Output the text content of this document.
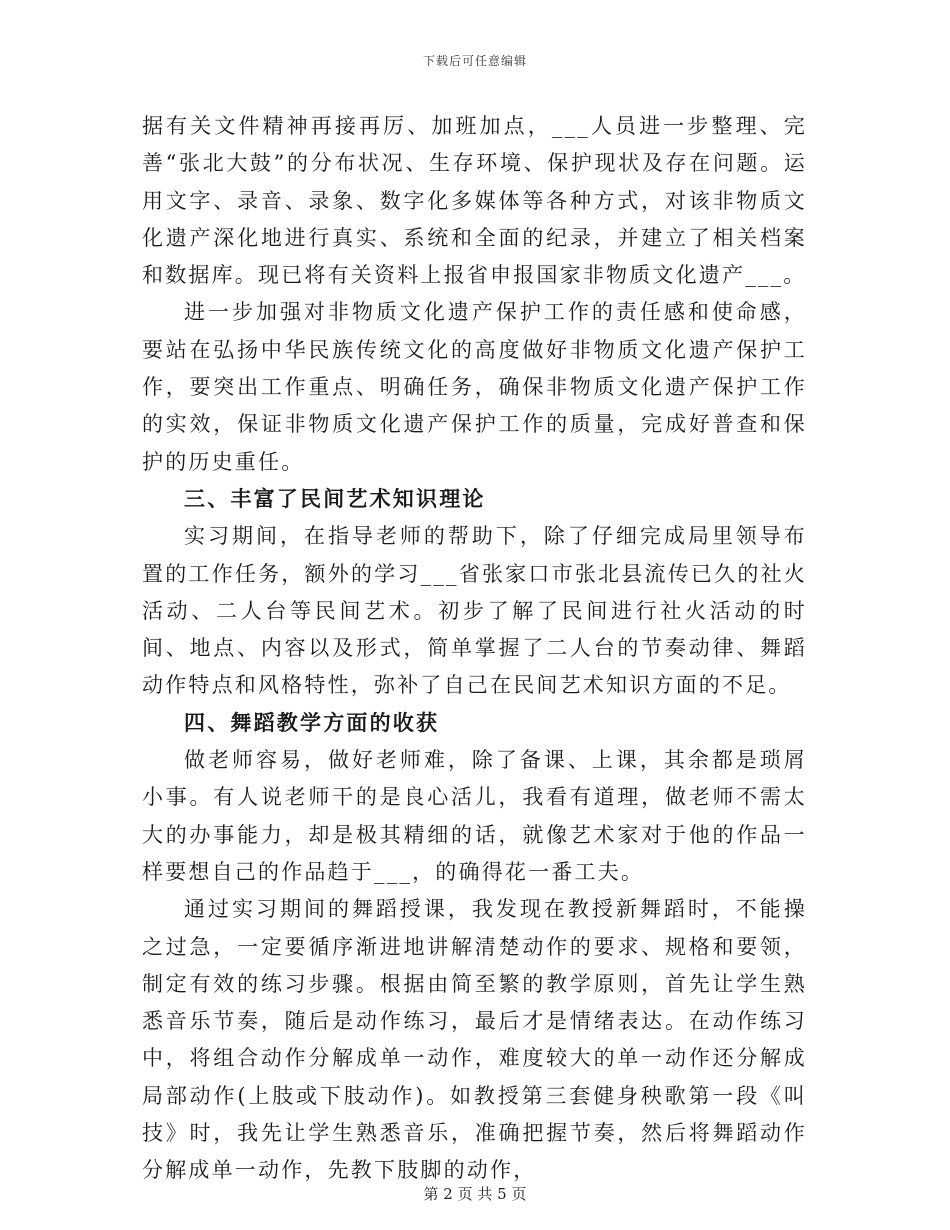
下载后可任意编辑

据有关文件精神再接再厉、加班加点，___人员进一步整理、完善“张北大鼓”的分布状况、生存环境、保护现状及存在问题。运用文字、录音、录象、数字化多媒体等各种方式，对该非物质文化遗产深化地进行真实、系统和全面的纪录，并建立了相关档案和数据库。现已将有关资料上报省申报国家非物质文化遗产___。

进一步加强对非物质文化遗产保护工作的责任感和使命感，要站在弘扬中华民族传统文化的高度做好非物质文化遗产保护工作，要突出工作重点、明确任务，确保非物质文化遗产保护工作的实效，保证非物质文化遗产保护工作的质量，完成好普查和保护的历史重任。

三、丰富了民间艺术知识理论

实习期间，在指导老师的帮助下，除了仔细完成局里领导布置的工作任务，额外的学习___省张家口市张北县流传已久的社火活动、二人台等民间艺术。初步了解了民间进行社火活动的时间、地点、内容以及形式，简单掌握了二人台的节奏动律、舞蹈动作特点和风格特性，弥补了自己在民间艺术知识方面的不足。

四、舞蹈教学方面的收获

做老师容易，做好老师难，除了备课、上课，其余都是琐屑小事。有人说老师干的是良心活儿，我看有道理，做老师不需太大的办事能力，却是极其精细的话，就像艺术家对于他的作品一样要想自己的作品趋于___，的确得花一番工夫。

通过实习期间的舞蹈授课，我发现在教授新舞蹈时，不能操之过急，一定要循序渐进地讲解清楚动作的要求、规格和要领，制定有效的练习步骤。根据由简至繁的教学原则，首先让学生熟悉音乐节奏，随后是动作练习，最后才是情绪表达。在动作练习中，将组合动作分解成单一动作，难度较大的单一动作还分解成局部动作(上肢或下肢动作)。如教授第三套健身秧歌第一段《叫技》时，我先让学生熟悉音乐，准确把握节奏，然后将舞蹈动作分解成单一动作，先教下肢脚的动作，

第 2 页 共 5 页
